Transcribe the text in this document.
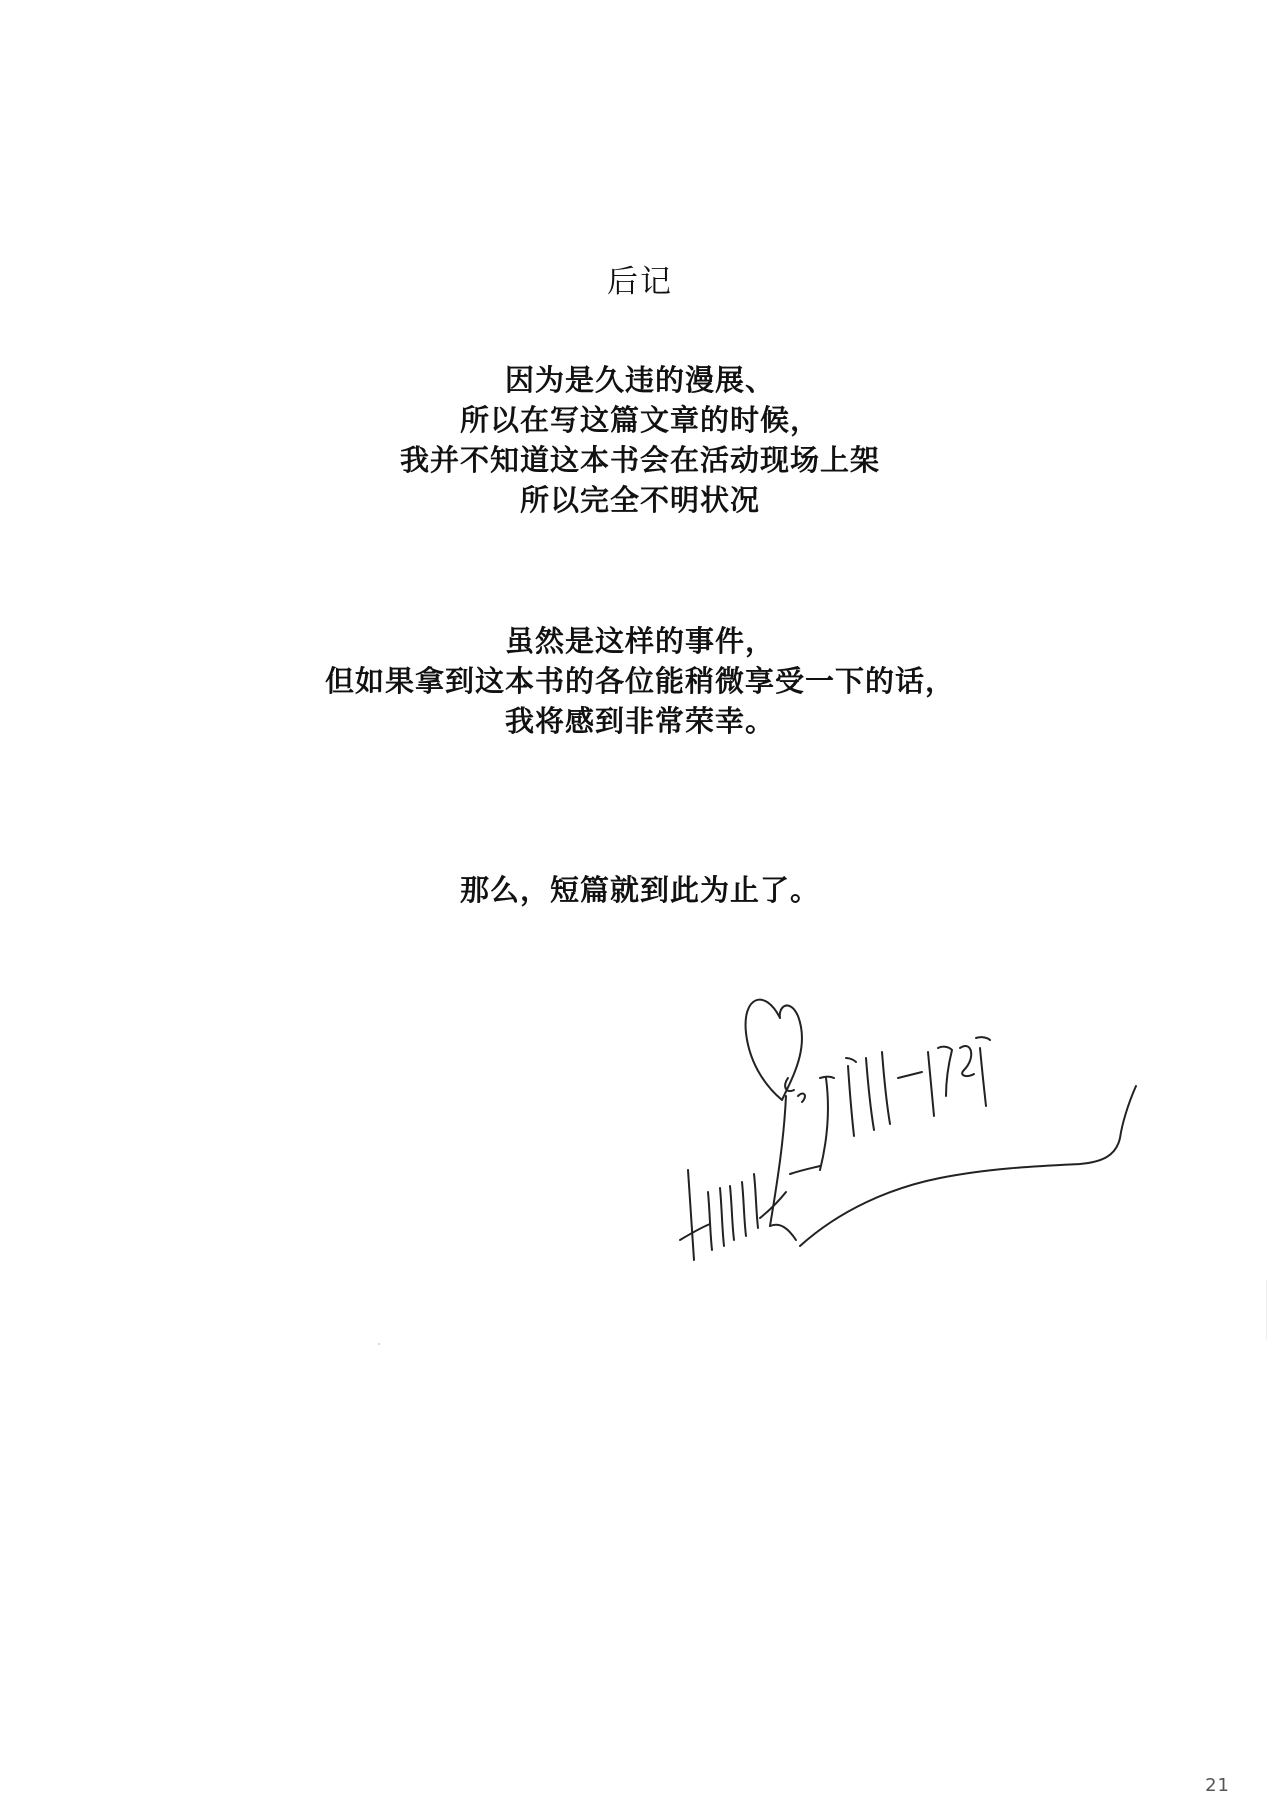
后记
因为是久违的漫展、
所以在写这篇文章的时候，
我并不知道这本书会在活动现场上架
所以完全不明状况
虽然是这样的事件，
但如果拿到这本书的各位能稍微享受一下的话，
我将感到非常荣幸。
那么，短篇就到此为止了。
21
